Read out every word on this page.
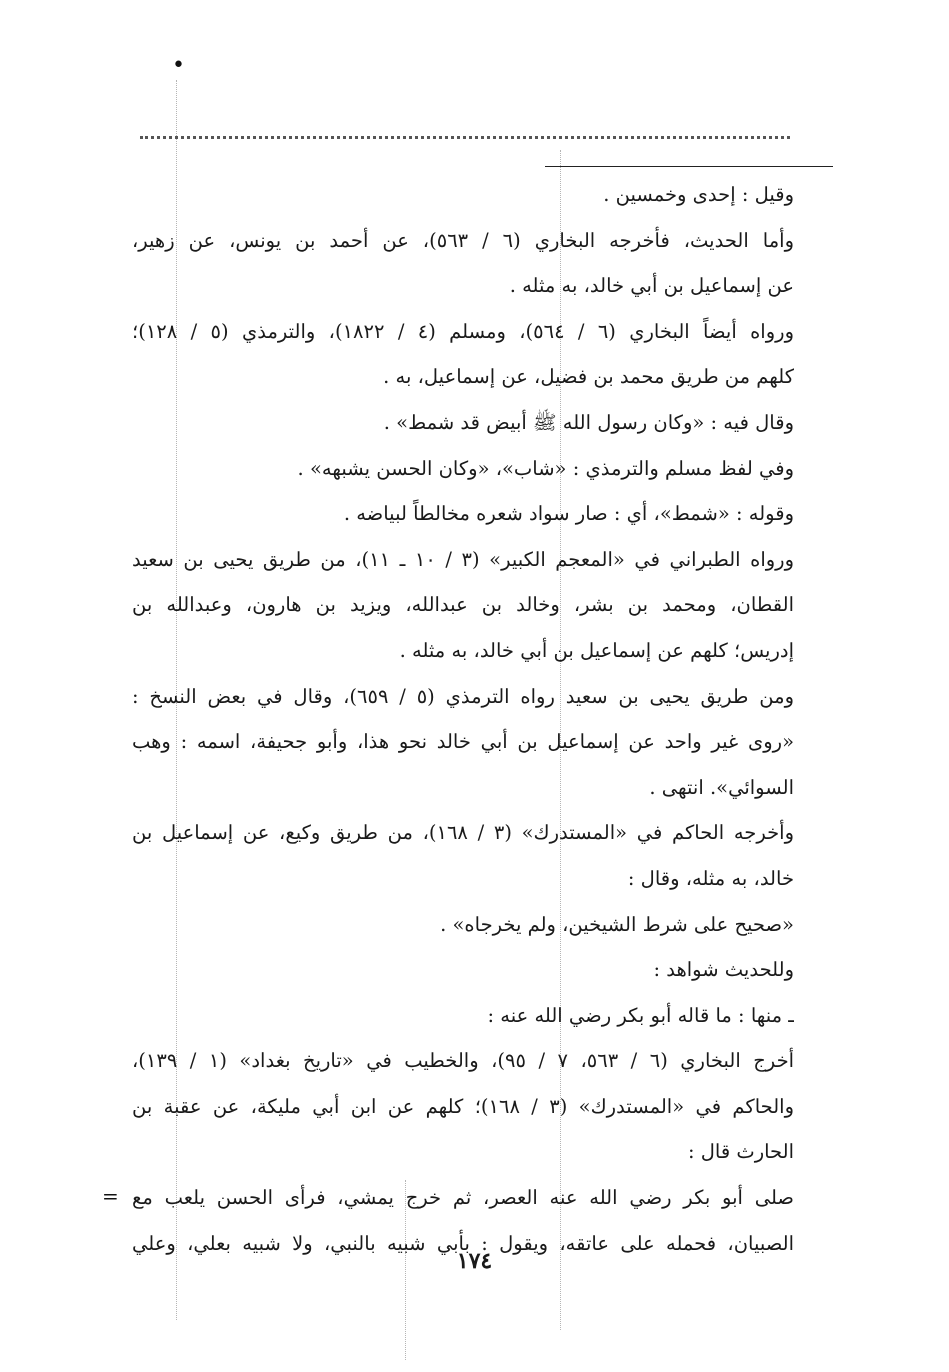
•
وقيل : إحدى وخمسين .
وأما الحديث، فأخرجه البخاري (٦ / ٥٦٣)، عن أحمد بن يونس، عن زهير،
عن إسماعيل بن أبي خالد، به مثله .
ورواه أيضاً البخاري (٦ / ٥٦٤)، ومسلم (٤ / ١٨٢٢)، والترمذي (٥ / ١٢٨)؛
كلهم من طريق محمد بن فضيل، عن إسماعيل، به .
وقال فيه : «وكان رسول الله ﷺ أبيض قد شمط» .
وفي لفظ مسلم والترمذي : «شاب»، «وكان الحسن يشبهه» .
وقوله : «شمط»، أي : صار سواد شعره مخالطاً لبياضه .
ورواه الطبراني في «المعجم الكبير» (٣ / ١٠ ـ ١١)، من طريق يحيى بن سعيد
القطان، ومحمد بن بشر، وخالد بن عبدالله، ويزيد بن هارون، وعبدالله بن
إدريس؛ كلهم عن إسماعيل بن أبي خالد، به مثله .
ومن طريق يحيى بن سعيد رواه الترمذي (٥ / ٦٥٩)، وقال في بعض النسخ :
«روى غير واحد عن إسماعيل بن أبي خالد نحو هذا، وأبو جحيفة، اسمه : وهب
السوائي». انتهى .
وأخرجه الحاكم في «المستدرك» (٣ / ١٦٨)، من طريق وكيع، عن إسماعيل بن
خالد، به مثله، وقال :
«صحيح على شرط الشيخين، ولم يخرجاه» .
وللحديث شواهد :
ـ منها : ما قاله أبو بكر رضي الله عنه :
أخرج البخاري (٦ / ٥٦٣، ٧ / ٩٥)، والخطيب في «تاريخ بغداد» (١ / ١٣٩)،
والحاكم في «المستدرك» (٣ / ١٦٨)؛ كلهم عن ابن أبي مليكة، عن عقبة بن
الحارث قال :
صلى أبو بكر رضي الله عنه العصر، ثم خرج يمشي، فرأى الحسن يلعب مع
الصبيان، فحمله على عاتقه، ويقول : بأبي شبيه بالنبي، ولا شبيه بعلي، وعلي
=
١٧٤
